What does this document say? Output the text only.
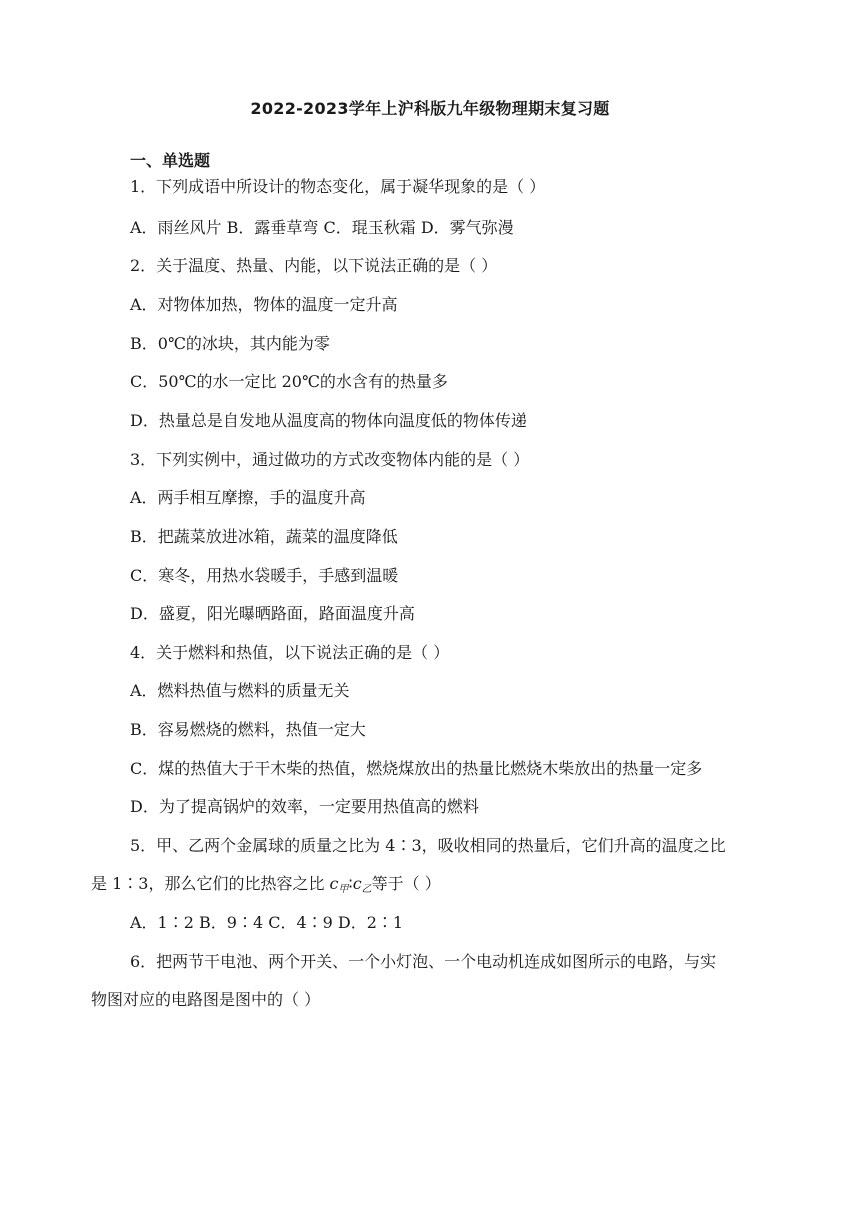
2022-2023学年上沪科版九年级物理期末复习题
一、单选题
1．下列成语中所设计的物态变化，属于凝华现象的是（ ）
A．雨丝风片 B．露垂草弯 C．琨玉秋霜 D．雾气弥漫
2．关于温度、热量、内能，以下说法正确的是（ ）
A．对物体加热，物体的温度一定升高
B．0℃的冰块，其内能为零
C．50℃的水一定比 20℃的水含有的热量多
D．热量总是自发地从温度高的物体向温度低的物体传递
3．下列实例中，通过做功的方式改变物体内能的是（ ）
A．两手相互摩擦，手的温度升高
B．把蔬菜放进冰箱，蔬菜的温度降低
C．寒冬，用热水袋暖手，手感到温暖
D．盛夏，阳光曝晒路面，路面温度升高
4．关于燃料和热值，以下说法正确的是（ ）
A．燃料热值与燃料的质量无关
B．容易燃烧的燃料，热值一定大
C．煤的热值大于干木柴的热值，燃烧煤放出的热量比燃烧木柴放出的热量一定多
D．为了提高锅炉的效率，一定要用热值高的燃料
5．甲、乙两个金属球的质量之比为 4∶3，吸收相同的热量后，它们升高的温度之比
是 1∶3，那么它们的比热容之比 c甲∶c乙等于（ ）
A．1∶2 B．9∶4 C．4∶9 D．2∶1
6．把两节干电池、两个开关、一个小灯泡、一个电动机连成如图所示的电路，与实
物图对应的电路图是图中的（ ）
